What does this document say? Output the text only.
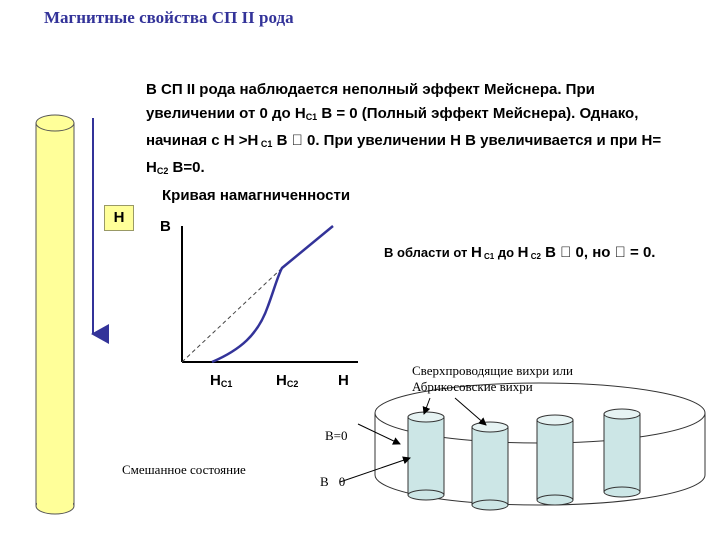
Магнитные свойства СП II рода
В СП II рода наблюдается неполный эффект Мейснера. При увеличении от 0 до $H_{C1}$ B = 0 (Полный эффект Мейснера). Однако, начиная с H >H $_{C1}$ B   0. При увеличении H B увеличивается и при $H= H_{C2}$ B=0.
Кривая намагниченности
H
B
$H_{C1}$	$H_{C2}$	H
В области от H $_{C1}$ до H $_{C2}$ B   0, но   = 0.
Сверхпроводящие вихри или
Абрикосовские вихри
Смешанное состояние
B=0
B 0
